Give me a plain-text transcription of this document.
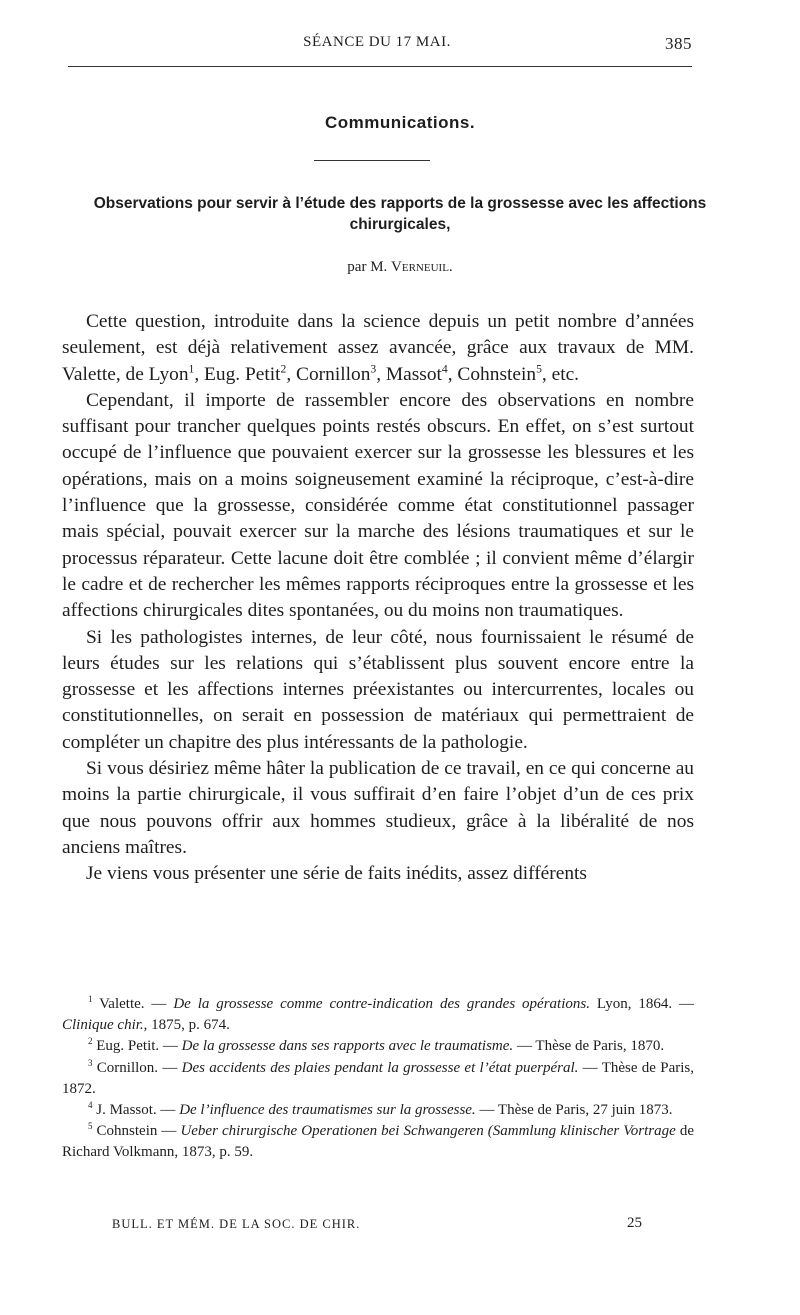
SÉANCE DU 17 MAI.	385
Communications.
Observations pour servir à l’étude des rapports de la grossesse avec les affections chirurgicales,
par M. Verneuil.

Cette question, introduite dans la science depuis un petit nombre d’années seulement, est déjà relativement assez avancée, grâce aux travaux de MM. Valette, de Lyon$^1$, Eug. Petit$^2$, Cornillon$^3$, Massot$^4$, Cohnstein$^5$, etc.

Cependant, il importe de rassembler encore des observations en nombre suffisant pour trancher quelques points restés obscurs. En effet, on s’est surtout occupé de l’influence que pouvaient exercer sur la grossesse les blessures et les opérations, mais on a moins soigneusement examiné la réciproque, c’est-à-dire l’influence que la grossesse, considérée comme état constitutionnel passager mais spécial, pouvait exercer sur la marche des lésions traumatiques et sur le processus réparateur. Cette lacune doit être comblée ; il convient même d’élargir le cadre et de rechercher les mêmes rapports réciproques entre la grossesse et les affections chirurgicales dites spontanées, ou du moins non traumatiques.

Si les pathologistes internes, de leur côté, nous fournissaient le résumé de leurs études sur les relations qui s’établissent plus souvent encore entre la grossesse et les affections internes préexistantes ou intercurrentes, locales ou constitutionnelles, on serait en possession de matériaux qui permettraient de compléter un chapitre des plus intéressants de la pathologie.

Si vous désiriez même hâter la publication de ce travail, en ce qui concerne au moins la partie chirurgicale, il vous suffirait d’en faire l’objet d’un de ces prix que nous pouvons offrir aux hommes studieux, grâce à la libéralité de nos anciens maîtres.

Je viens vous présenter une série de faits inédits, assez différents

$^1$ Valette. — De la grossesse comme contre-indication des grandes opérations. Lyon, 1864. — Clinique chir., 1875, p. 674.

$^2$ Eug. Petit. — De la grossesse dans ses rapports avec le traumatisme. — Thèse de Paris, 1870.

$^3$ Cornillon. — Des accidents des plaies pendant la grossesse et l’état puerpéral. — Thèse de Paris, 1872.

$^4$ J. Massot. — De l’influence des traumatismes sur la grossesse. — Thèse de Paris, 27 juin 1873.

$^5$ Cohnstein — Ueber chirurgische Operationen bei Schwangeren (Sammlung klinischer Vortrage de Richard Volkmann, 1873, p. 59.

BULL. ET MÉM. DE LA SOC. DE CHIR.	25
